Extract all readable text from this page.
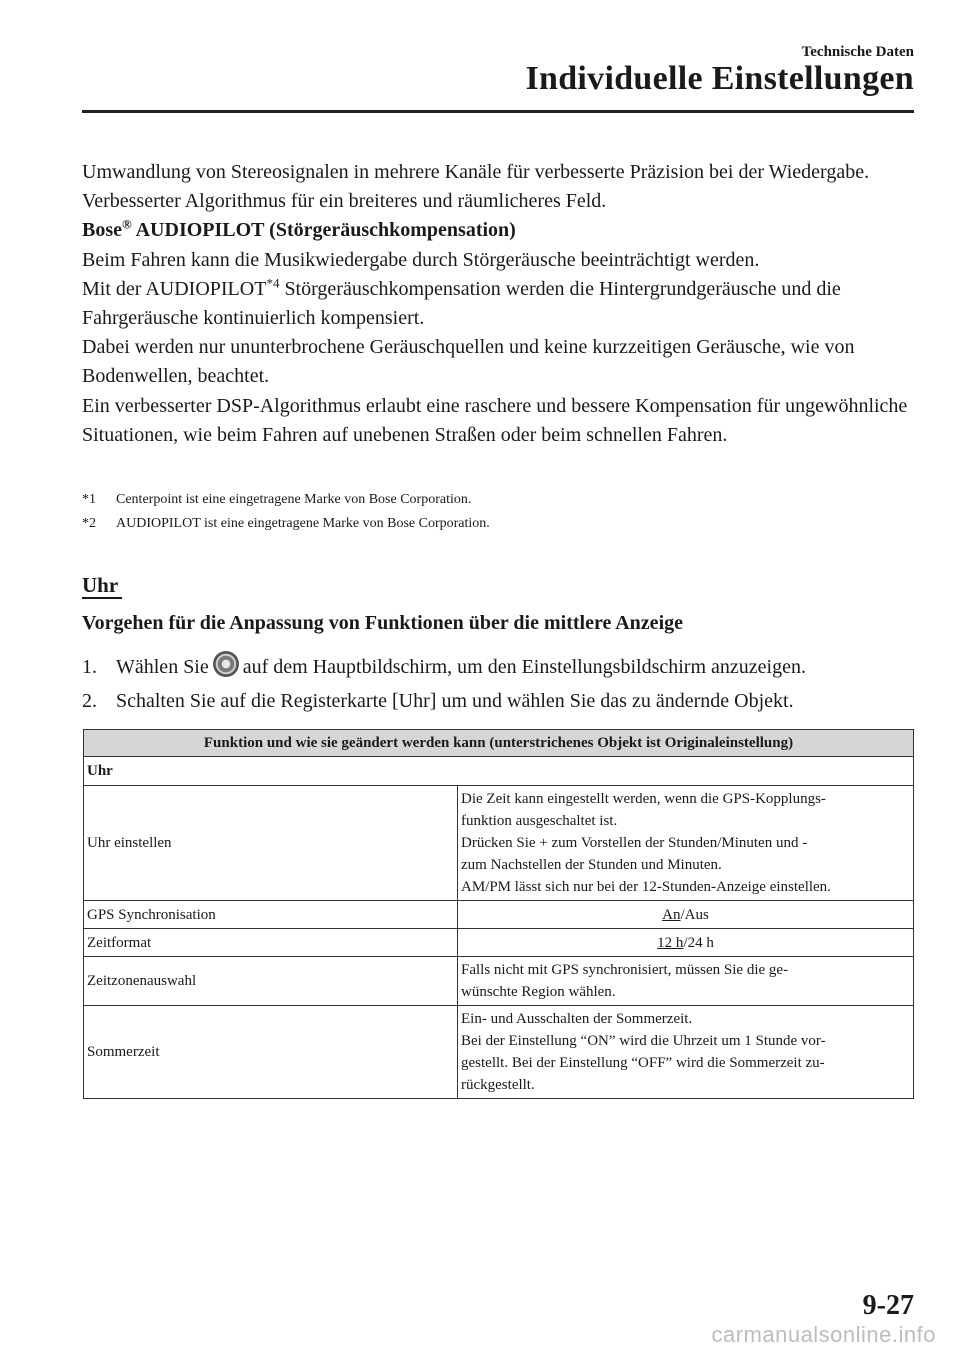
Technische Daten
Individuelle Einstellungen

Umwandlung von Stereosignalen in mehrere Kanäle für verbesserte Präzision bei der Wiedergabe.

Verbesserter Algorithmus für ein breiteres und räumlicheres Feld.

Bose® AUDIOPILOT (Störgeräuschkompensation)

Beim Fahren kann die Musikwiedergabe durch Störgeräusche beeinträchtigt werden.

Mit der AUDIOPILOT$^{*4}$ Störgeräuschkompensation werden die Hintergrundgeräusche und die Fahrgeräusche kontinuierlich kompensiert.

Dabei werden nur ununterbrochene Geräuschquellen und keine kurzzeitigen Geräusche, wie von Bodenwellen, beachtet.

Ein verbesserter DSP-Algorithmus erlaubt eine raschere und bessere Kompensation für ungewöhnliche Situationen, wie beim Fahren auf unebenen Straßen oder beim schnellen Fahren.

*1	Centerpoint ist eine eingetragene Marke von Bose Corporation.
*2	AUDIOPILOT ist eine eingetragene Marke von Bose Corporation.
Uhr
Vorgehen für die Anpassung von Funktionen über die mittlere Anzeige
1. Wählen Sie auf dem Hauptbildschirm, um den Einstellungsbildschirm anzuzeigen.
2. Schalten Sie auf die Registerkarte [Uhr] um und wählen Sie das zu ändernde Objekt.
Funktion und wie sie geändert werden kann (unterstrichenes Objekt ist Originaleinstellung)	
Uhr	
Uhr einstellen	Die Zeit kann eingestellt werden, wenn die GPS-Kopplungs-
funktion ausgeschaltet ist.
Drücken Sie + zum Vorstellen der Stunden/Minuten und -
zum Nachstellen der Stunden und Minuten.
AM/PM lässt sich nur bei der 12-Stunden-Anzeige einstellen.

GPS Synchronisation	An/Aus
Zeitformat	12 h/24 h
Zeitzonenauswahl	Falls nicht mit GPS synchronisiert, müssen Sie die ge-
wünschte Region wählen.

Sommerzeit	Ein- und Ausschalten der Sommerzeit.
Bei der Einstellung “ON” wird die Uhrzeit um 1 Stunde vor-
gestellt. Bei der Einstellung “OFF” wird die Sommerzeit zu-
rückgestellt.
9-27
carmanualsonline.info
